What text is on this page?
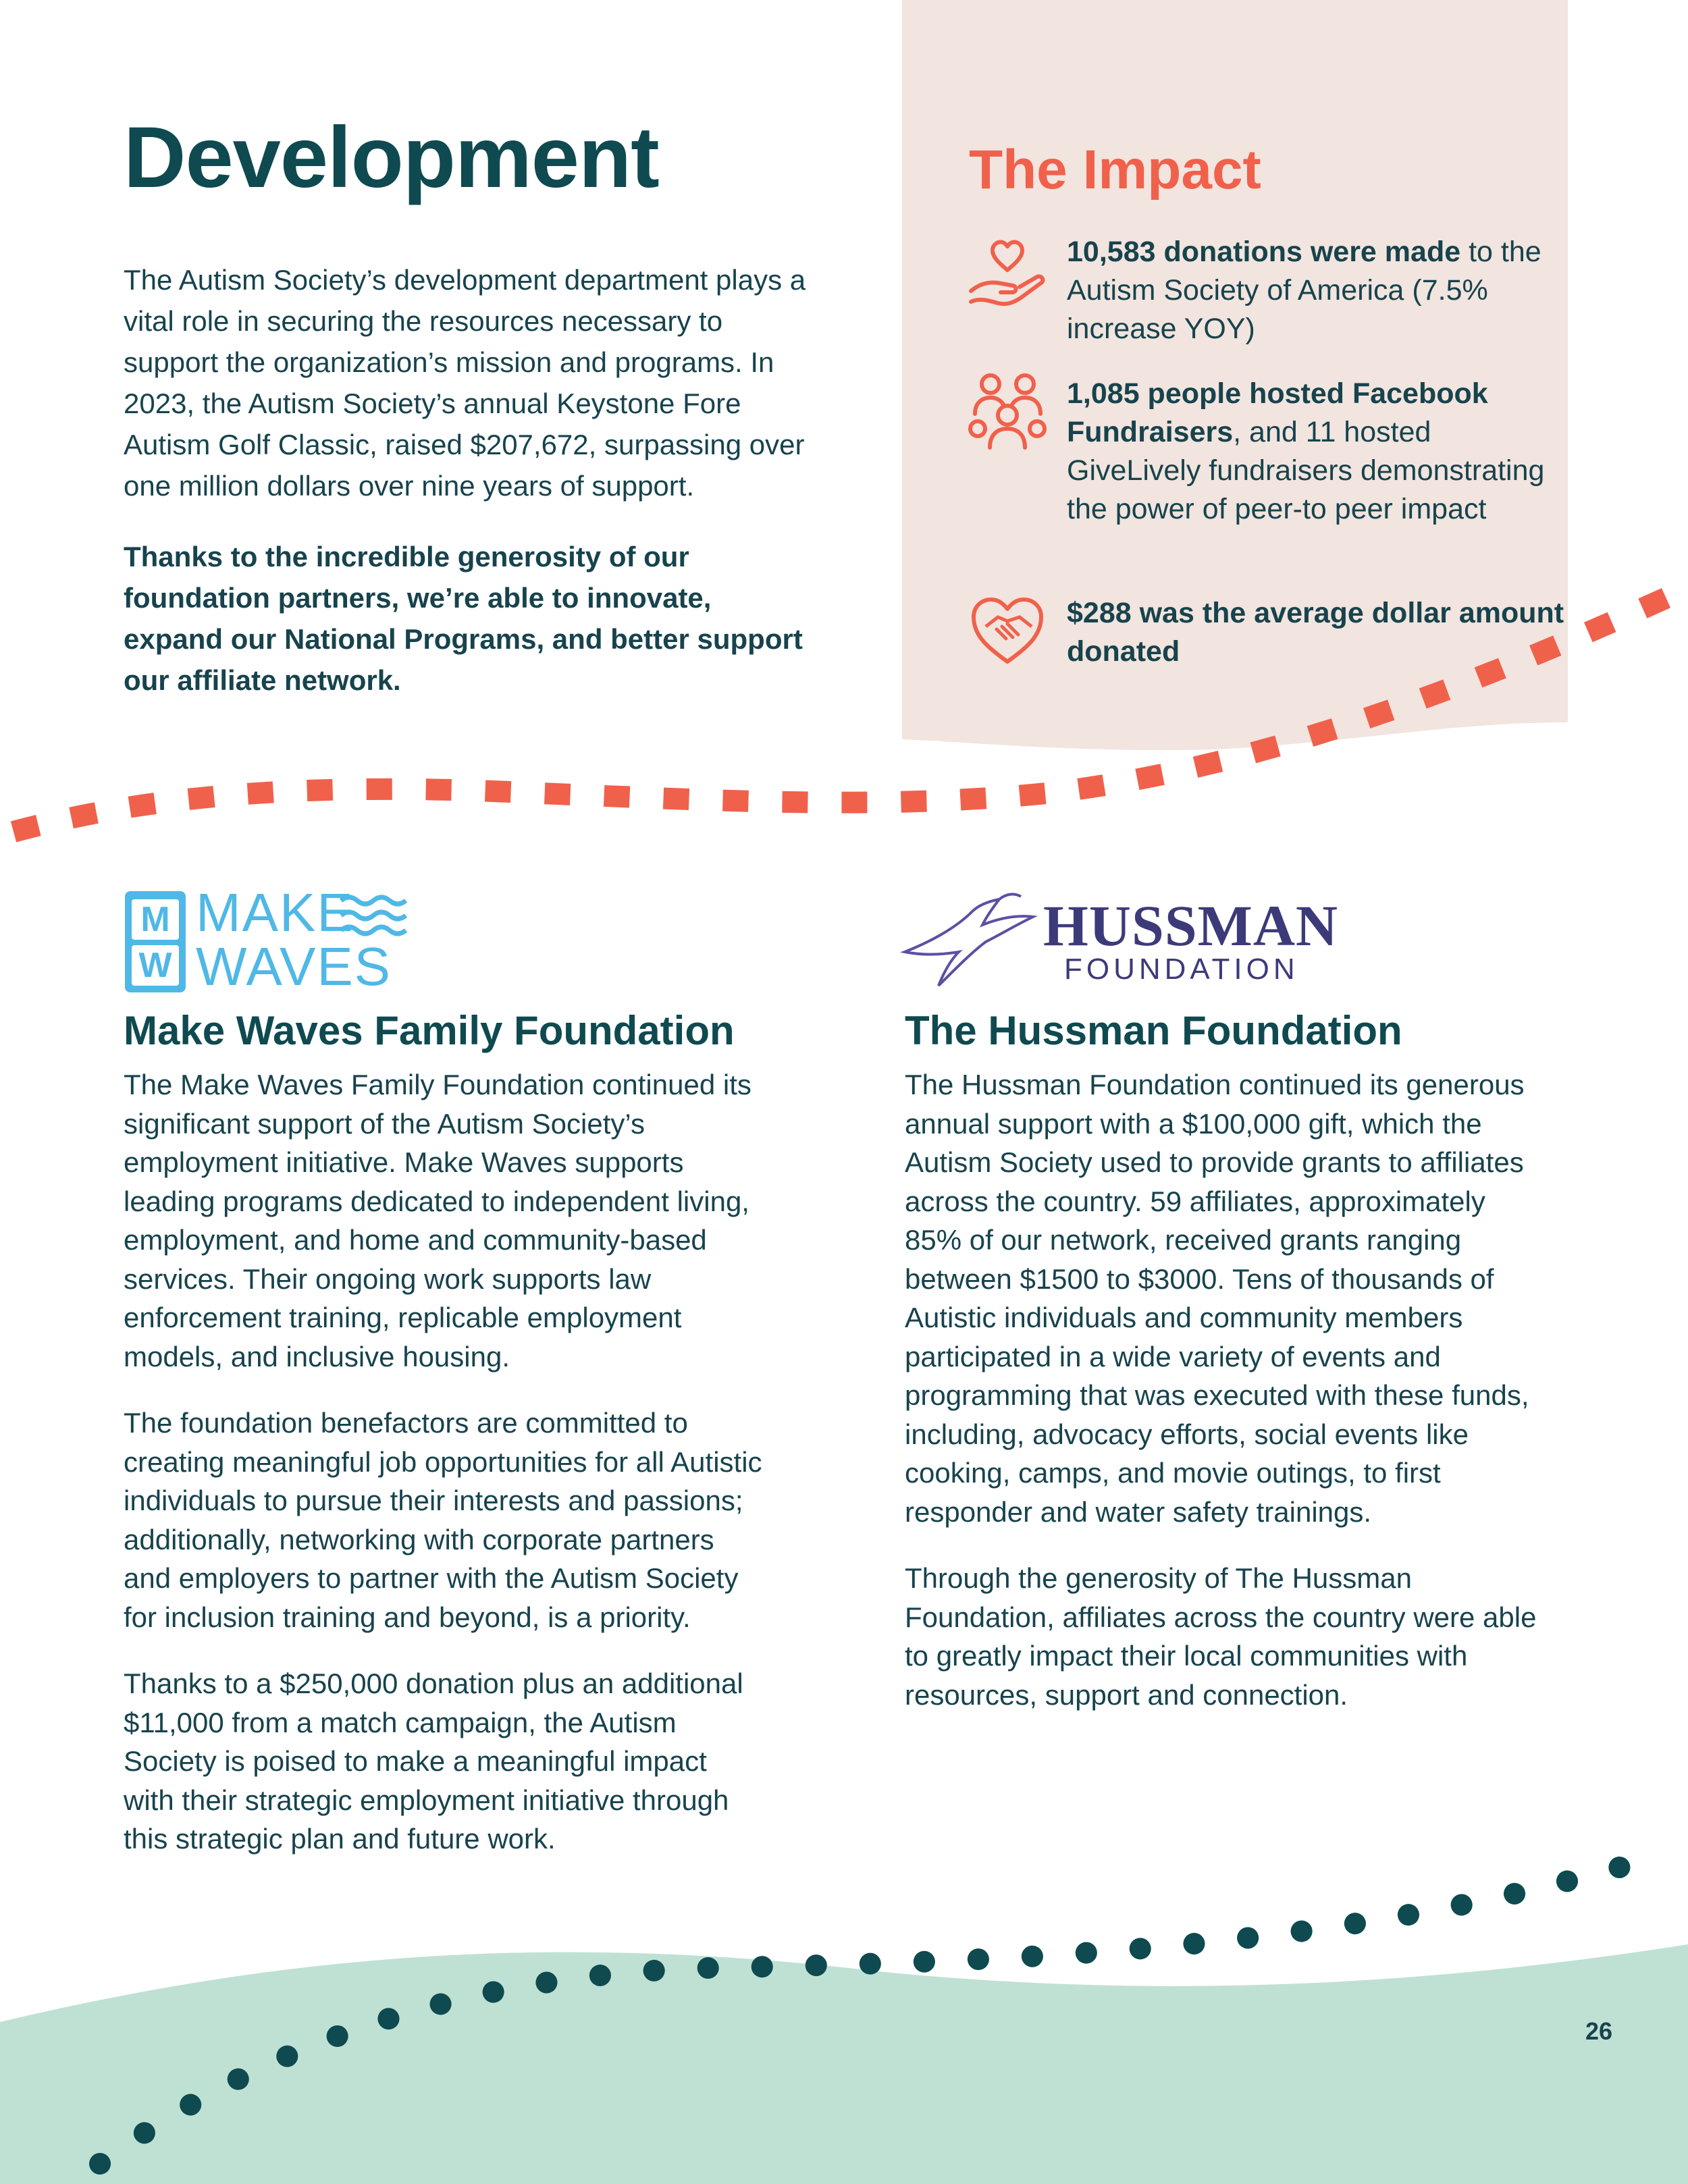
Development

The Autism Society’s development department plays a vital role in securing the resources necessary to support the organization’s mission and programs. In 2023, the Autism Society’s annual Keystone Fore Autism Golf Classic, raised $207,672, surpassing over one million dollars over nine years of support.

Thanks to the incredible generosity of our foundation partners, we’re able to innovate, expand our National Programs, and better support our affiliate network.

The Impact
10,583 donations were made to the Autism Society of America (7.5% increase YOY)
1,085 people hosted Facebook Fundraisers, and 11 hosted GiveLively fundraisers demonstrating the power of peer-to peer impact
$288 was the average dollar amount donated
M
W
MAKE
WAVES
Make Waves Family Foundation

The Make Waves Family Foundation continued its significant support of the Autism Society’s employment initiative. Make Waves supports leading programs dedicated to independent living, employment, and home and community-based services. Their ongoing work supports law enforcement training, replicable employment models, and inclusive housing.

The foundation benefactors are committed to creating meaningful job opportunities for all Autistic individuals to pursue their interests and passions; additionally, networking with corporate partners and employers to partner with the Autism Society for inclusion training and beyond, is a priority.

Thanks to a $250,000 donation plus an additional $11,000 from a match campaign, the Autism Society is poised to make a meaningful impact with their strategic employment initiative through this strategic plan and future work.

HUSSMAN
FOUNDATION
The Hussman Foundation

The Hussman Foundation continued its generous annual support with a $100,000 gift, which the Autism Society used to provide grants to affiliates across the country. 59 affiliates, approximately 85% of our network, received grants ranging between $1500 to $3000. Tens of thousands of Autistic individuals and community members participated in a wide variety of events and programming that was executed with these funds, including, advocacy efforts, social events like cooking, camps, and movie outings, to first responder and water safety trainings.

Through the generosity of The Hussman Foundation, affiliates across the country were able to greatly impact their local communities with resources, support and connection.

26
